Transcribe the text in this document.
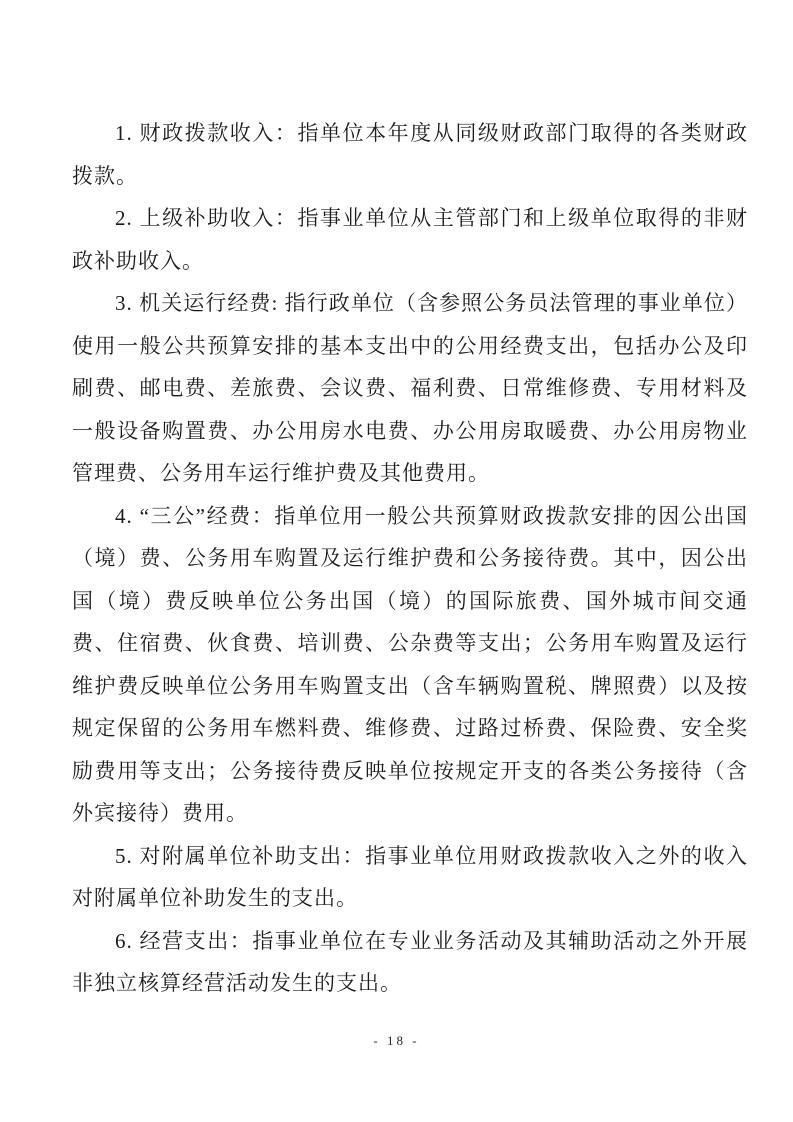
1. 财政拨款收入：指单位本年度从同级财政部门取得的各类财政拨款。

2. 上级补助收入：指事业单位从主管部门和上级单位取得的非财政补助收入。

3. 机关运行经费: 指行政单位（含参照公务员法管理的事业单位）使用一般公共预算安排的基本支出中的公用经费支出，包括办公及印刷费、邮电费、差旅费、会议费、福利费、日常维修费、专用材料及一般设备购置费、办公用房水电费、办公用房取暖费、办公用房物业管理费、公务用车运行维护费及其他费用。

4. “三公”经费：指单位用一般公共预算财政拨款安排的因公出国（境）费、公务用车购置及运行维护费和公务接待费。其中，因公出国（境）费反映单位公务出国（境）的国际旅费、国外城市间交通费、住宿费、伙食费、培训费、公杂费等支出；公务用车购置及运行维护费反映单位公务用车购置支出（含车辆购置税、牌照费）以及按规定保留的公务用车燃料费、维修费、过路过桥费、保险费、安全奖励费用等支出；公务接待费反映单位按规定开支的各类公务接待（含外宾接待）费用。

5. 对附属单位补助支出：指事业单位用财政拨款收入之外的收入对附属单位补助发生的支出。

6. 经营支出：指事业单位在专业业务活动及其辅助活动之外开展非独立核算经营活动发生的支出。

- 18 -
